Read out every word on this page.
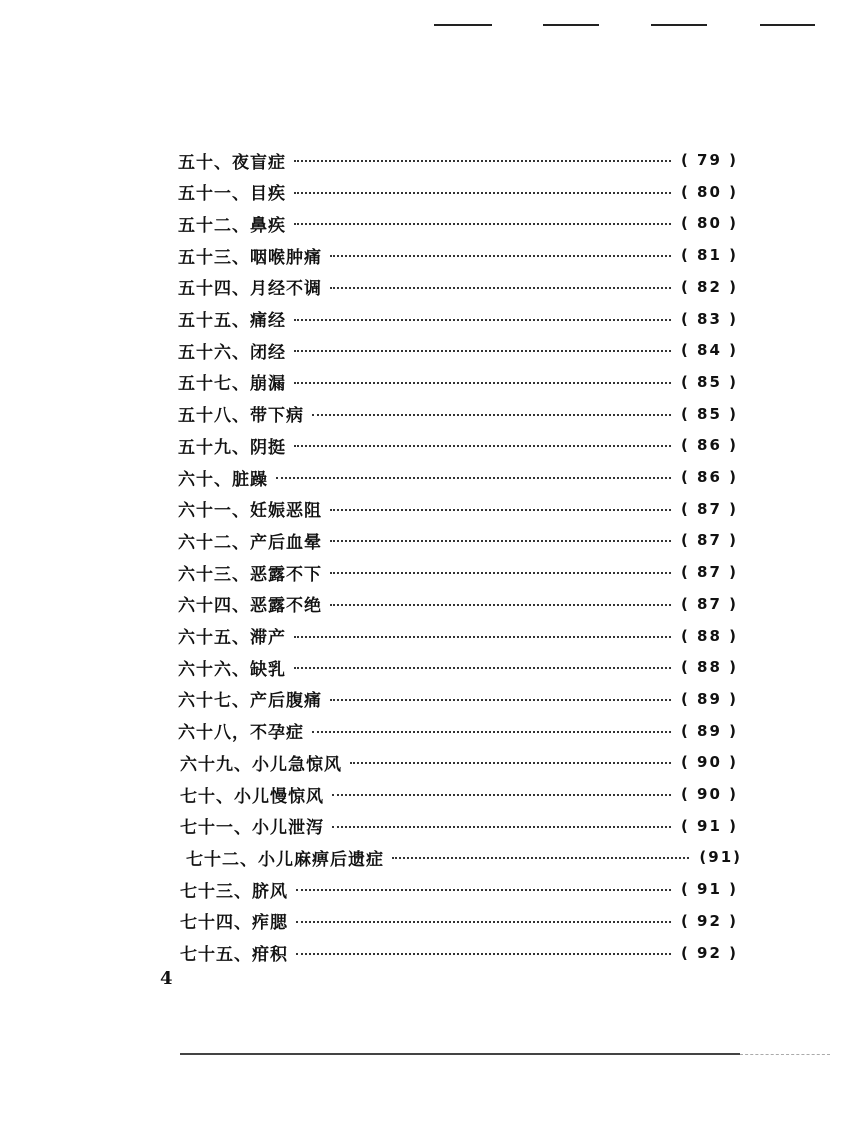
五十、夜盲症	( 79 )
五十一、目疾	( 80 )
五十二、鼻疾	( 80 )
五十三、咽喉肿痛	( 81 )
五十四、月经不调	( 82 )
五十五、痛经	( 83 )
五十六、闭经	( 84 )
五十七、崩漏	( 85 )
五十八、带下病	( 85 )
五十九、阴挺	( 86 )
六十、脏躁	( 86 )
六十一、妊娠恶阻	( 87 )
六十二、产后血晕	( 87 )
六十三、恶露不下	( 87 )
六十四、恶露不绝	( 87 )
六十五、滞产	( 88 )
六十六、缺乳	( 88 )
六十七、产后腹痛	( 89 )
六十八，不孕症	( 89 )
六十九、小儿急惊风	( 90 )
七十、小儿慢惊风	( 90 )
七十一、小儿泄泻	( 91 )
七十二、小儿麻痹后遗症	(91)
七十三、脐风	( 91 )
七十四、痄腮	( 92 )
七十五、疳积	( 92 )
4
